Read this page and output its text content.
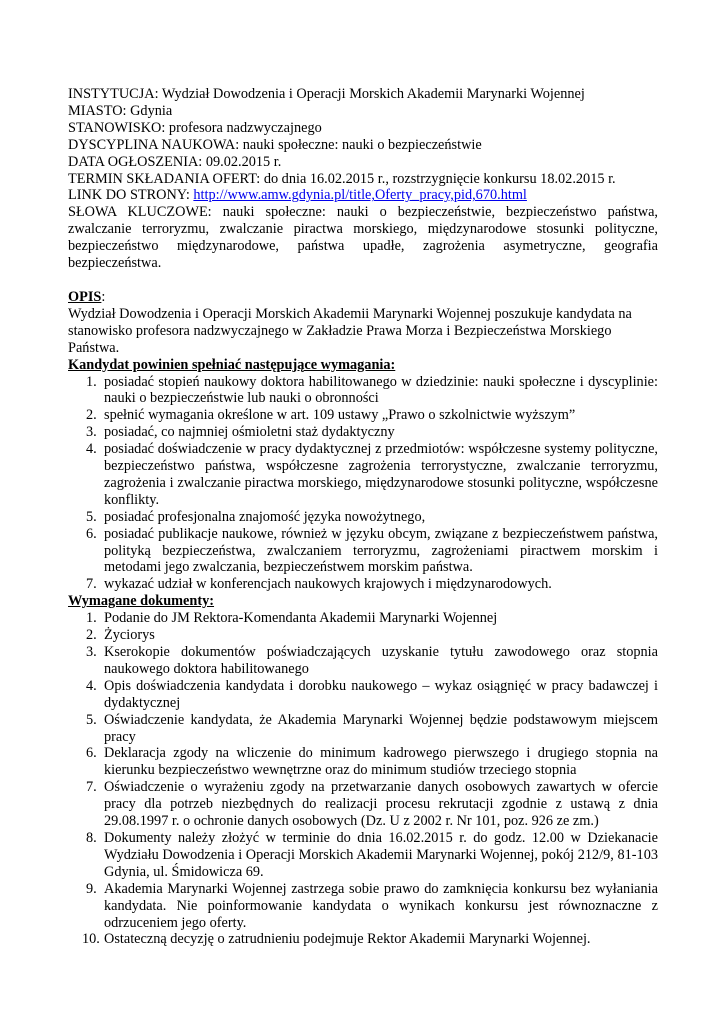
INSTYTUCJA: Wydział Dowodzenia i Operacji Morskich Akademii Marynarki Wojennej
MIASTO: Gdynia
STANOWISKO: profesora nadzwyczajnego
DYSCYPLINA NAUKOWA: nauki społeczne: nauki o bezpieczeństwie
DATA OGŁOSZENIA: 09.02.2015 r.
TERMIN SKŁADANIA OFERT: do dnia 16.02.2015 r., rozstrzygnięcie konkursu 18.02.2015 r.
LINK DO STRONY: http://www.amw.gdynia.pl/title,Oferty_pracy,pid,670.html
SŁOWA KLUCZOWE: nauki społeczne: nauki o bezpieczeństwie, bezpieczeństwo państwa, zwalczanie terroryzmu, zwalczanie piractwa morskiego, międzynarodowe stosunki polityczne, bezpieczeństwo międzynarodowe, państwa upadłe, zagrożenia asymetryczne, geografia bezpieczeństwa.
OPIS:
Wydział Dowodzenia i Operacji Morskich Akademii Marynarki Wojennej poszukuje kandydata na stanowisko profesora nadzwyczajnego w Zakładzie Prawa Morza i Bezpieczeństwa Morskiego Państwa.
Kandydat powinien spełniać następujące wymagania:
1. posiadać stopień naukowy doktora habilitowanego w dziedzinie: nauki społeczne i dyscyplinie: nauki o bezpieczeństwie lub nauki o obronności
2. spełnić wymagania określone w art. 109 ustawy „Prawo o szkolnictwie wyższym”
3. posiadać, co najmniej ośmioletni staż dydaktyczny
4. posiadać doświadczenie w pracy dydaktycznej z przedmiotów: współczesne systemy polityczne, bezpieczeństwo państwa, współczesne zagrożenia terrorystyczne, zwalczanie terroryzmu, zagrożenia i zwalczanie piractwa morskiego, międzynarodowe stosunki polityczne, współczesne konflikty.
5. posiadać profesjonalna znajomość języka nowożytnego,
6. posiadać publikacje naukowe, również w języku obcym, związane z bezpieczeństwem państwa, polityką bezpieczeństwa, zwalczaniem terroryzmu, zagrożeniami piractwem morskim i metodami jego zwalczania, bezpieczeństwem morskim państwa.
7. wykazać udział w konferencjach naukowych krajowych i międzynarodowych.
Wymagane dokumenty:
1. Podanie do JM Rektora-Komendanta Akademii Marynarki Wojennej
2. Życiorys
3. Kserokopie dokumentów poświadczających uzyskanie tytułu zawodowego oraz stopnia naukowego doktora habilitowanego
4. Opis doświadczenia kandydata i dorobku naukowego – wykaz osiągnięć w pracy badawczej i dydaktycznej
5. Oświadczenie kandydata, że Akademia Marynarki Wojennej będzie podstawowym miejscem pracy
6. Deklaracja zgody na wliczenie do minimum kadrowego pierwszego i drugiego stopnia na kierunku bezpieczeństwo wewnętrzne oraz do minimum studiów trzeciego stopnia
7. Oświadczenie o wyrażeniu zgody na przetwarzanie danych osobowych zawartych w ofercie pracy dla potrzeb niezbędnych do realizacji procesu rekrutacji zgodnie z ustawą z dnia 29.08.1997 r. o ochronie danych osobowych (Dz. U z 2002 r. Nr 101, poz. 926 ze zm.)
8. Dokumenty należy złożyć w terminie do dnia 16.02.2015 r. do godz. 12.00 w Dziekanacie Wydziału Dowodzenia i Operacji Morskich Akademii Marynarki Wojennej, pokój 212/9, 81-103 Gdynia, ul. Śmidowicza 69.
9. Akademia Marynarki Wojennej zastrzega sobie prawo do zamknięcia konkursu bez wyłaniania kandydata. Nie poinformowanie kandydata o wynikach konkursu jest równoznaczne z odrzuceniem jego oferty.
10. Ostateczną decyzję o zatrudnieniu podejmuje Rektor Akademii Marynarki Wojennej.
